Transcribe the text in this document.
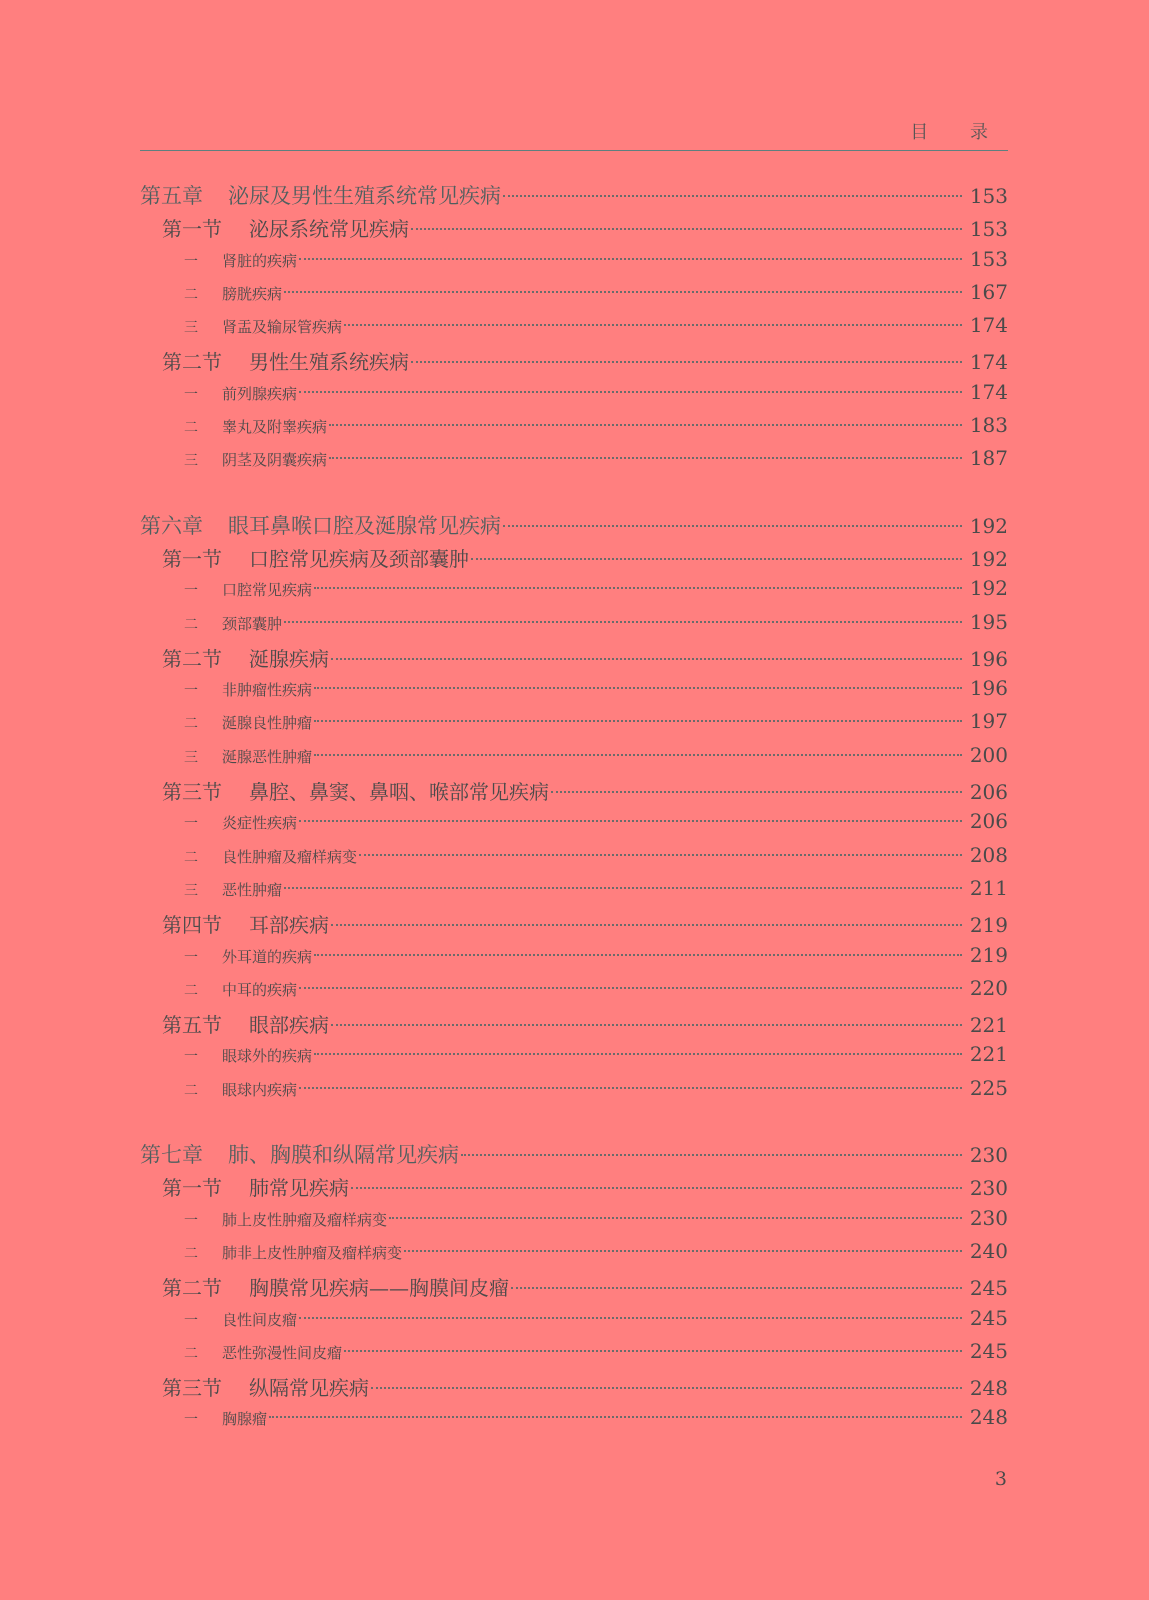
目 录
第五章	泌尿及男性生殖系统常见疾病	153
第一节	泌尿系统常见疾病	153
一	肾脏的疾病	153
二	膀胱疾病	167
三	肾盂及输尿管疾病	174
第二节	男性生殖系统疾病	174
一	前列腺疾病	174
二	睾丸及附睾疾病	183
三	阴茎及阴囊疾病	187
第六章	眼耳鼻喉口腔及涎腺常见疾病	192
第一节	口腔常见疾病及颈部囊肿	192
一	口腔常见疾病	192
二	颈部囊肿	195
第二节	涎腺疾病	196
一	非肿瘤性疾病	196
二	涎腺良性肿瘤	197
三	涎腺恶性肿瘤	200
第三节	鼻腔、鼻窦、鼻咽、喉部常见疾病	206
一	炎症性疾病	206
二	良性肿瘤及瘤样病变	208
三	恶性肿瘤	211
第四节	耳部疾病	219
一	外耳道的疾病	219
二	中耳的疾病	220
第五节	眼部疾病	221
一	眼球外的疾病	221
二	眼球内疾病	225
第七章	肺、胸膜和纵隔常见疾病	230
第一节	肺常见疾病	230
一	肺上皮性肿瘤及瘤样病变	230
二	肺非上皮性肿瘤及瘤样病变	240
第二节	胸膜常见疾病——胸膜间皮瘤	245
一	良性间皮瘤	245
二	恶性弥漫性间皮瘤	245
第三节	纵隔常见疾病	248
一	胸腺瘤	248
3
